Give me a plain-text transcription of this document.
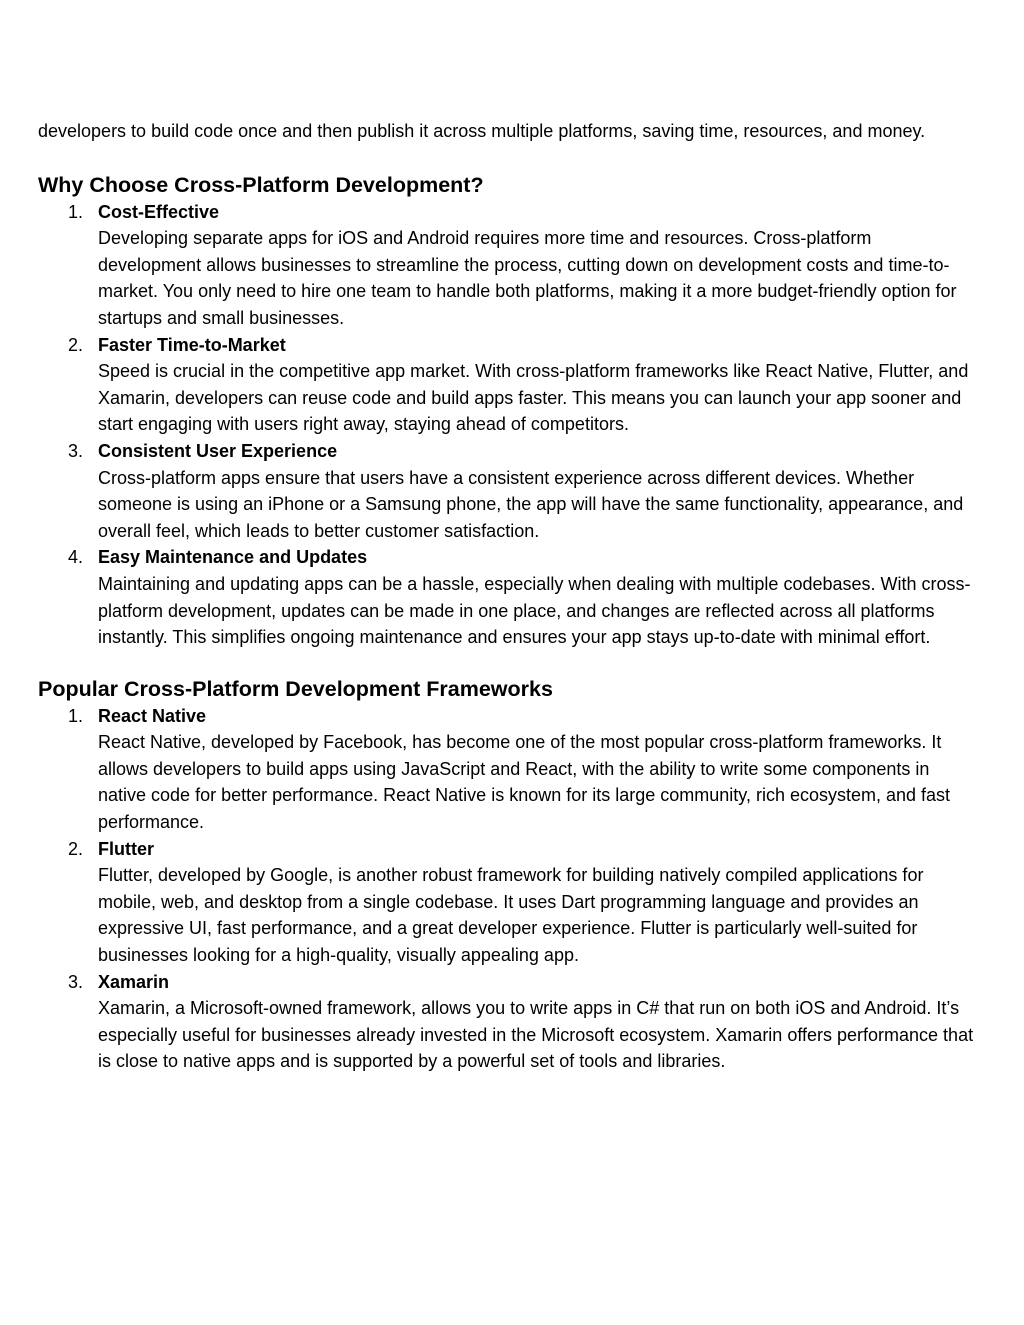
developers to build code once and then publish it across multiple platforms, saving time, resources, and money.

Why Choose Cross-Platform Development?
1. Cost-Effective
Developing separate apps for iOS and Android requires more time and resources. Cross-platform development allows businesses to streamline the process, cutting down on development costs and time-to-market. You only need to hire one team to handle both platforms, making it a more budget-friendly option for startups and small businesses.
2. Faster Time-to-Market
Speed is crucial in the competitive app market. With cross-platform frameworks like React Native, Flutter, and Xamarin, developers can reuse code and build apps faster. This means you can launch your app sooner and start engaging with users right away, staying ahead of competitors.
3. Consistent User Experience
Cross-platform apps ensure that users have a consistent experience across different devices. Whether someone is using an iPhone or a Samsung phone, the app will have the same functionality, appearance, and overall feel, which leads to better customer satisfaction.
4. Easy Maintenance and Updates
Maintaining and updating apps can be a hassle, especially when dealing with multiple codebases. With cross-platform development, updates can be made in one place, and changes are reflected across all platforms instantly. This simplifies ongoing maintenance and ensures your app stays up-to-date with minimal effort.
Popular Cross-Platform Development Frameworks
1. React Native
React Native, developed by Facebook, has become one of the most popular cross-platform frameworks. It allows developers to build apps using JavaScript and React, with the ability to write some components in native code for better performance. React Native is known for its large community, rich ecosystem, and fast performance.
2. Flutter
Flutter, developed by Google, is another robust framework for building natively compiled applications for mobile, web, and desktop from a single codebase. It uses Dart programming language and provides an expressive UI, fast performance, and a great developer experience. Flutter is particularly well-suited for businesses looking for a high-quality, visually appealing app.
3. Xamarin
Xamarin, a Microsoft-owned framework, allows you to write apps in C# that run on both iOS and Android. It’s especially useful for businesses already invested in the Microsoft ecosystem. Xamarin offers performance that is close to native apps and is supported by a powerful set of tools and libraries.
